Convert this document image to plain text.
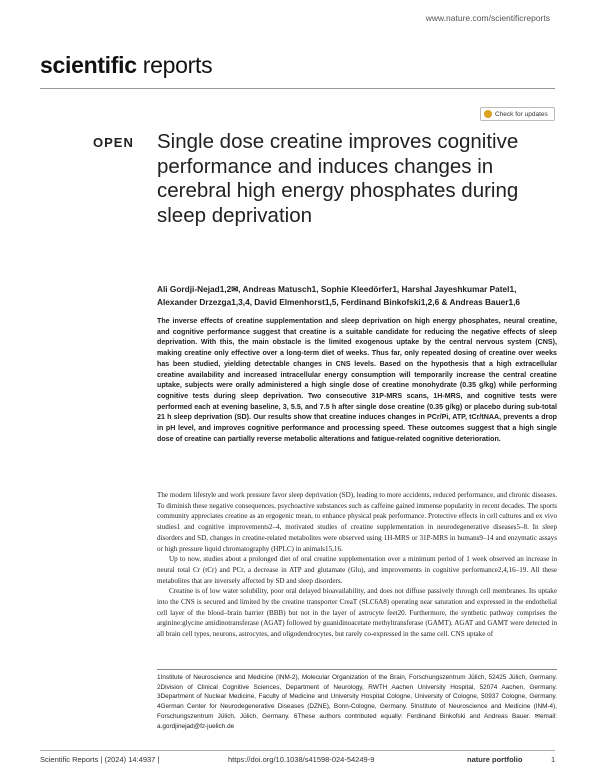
www.nature.com/scientificreports
scientific reports
Check for updates
OPEN Single dose creatine improves cognitive performance and induces changes in cerebral high energy phosphates during sleep deprivation

Ali Gordji-Nejad1,2✉, Andreas Matusch1, Sophie Kleedörfer1, Harshal Jayeshkumar Patel1, Alexander Drzezga1,3,4, David Elmenhorst1,5, Ferdinand Binkofski1,2,6 & Andreas Bauer1,6

The inverse effects of creatine supplementation and sleep deprivation on high energy phosphates, neural creatine, and cognitive performance suggest that creatine is a suitable candidate for reducing the negative effects of sleep deprivation. With this, the main obstacle is the limited exogenous uptake by the central nervous system (CNS), making creatine only effective over a long-term diet of weeks. Thus far, only repeated dosing of creatine over weeks has been studied, yielding detectable changes in CNS levels. Based on the hypothesis that a high extracellular creatine availability and increased intracellular energy consumption will temporarily increase the central creatine uptake, subjects were orally administered a high single dose of creatine monohydrate (0.35 g/kg) while performing cognitive tests during sleep deprivation. Two consecutive 31P-MRS scans, 1H-MRS, and cognitive tests were performed each at evening baseline, 3, 5.5, and 7.5 h after single dose creatine (0.35 g/kg) or placebo during sub-total 21 h sleep deprivation (SD). Our results show that creatine induces changes in PCr/Pi, ATP, tCr/tNAA, prevents a drop in pH level, and improves cognitive performance and processing speed. These outcomes suggest that a high single dose of creatine can partially reverse metabolic alterations and fatigue-related cognitive deterioration.

The modern lifestyle and work pressure favor sleep deprivation (SD), leading to more accidents, reduced performance, and chronic diseases. To diminish these negative consequences, psychoactive substances such as caffeine gained immense popularity in recent decades. The sports community appreciates creatine as an ergogenic mean, to enhance physical peak performance. Protective effects in cell cultures and ex vivo studies1 and cognitive improvements2–4, motivated studies of creatine supplementation in neurodegenerative diseases5–8. In sleep disorders and SD, changes in creatine-related metabolites were observed using 1H-MRS or 31P-MRS in humans9–14 and enzymatic assays or high pressure liquid chromatography (HPLC) in animals15,16.

Up to now, studies about a prolonged diet of oral creatine supplementation over a minimum period of 1 week observed an increase in neural total Cr (tCr) and PCr, a decrease in ATP and glutamate (Glu), and improvements in cognitive performance2,4,16–19. All these metabolites that are inversely affected by SD and sleep disorders.

Creatine is of low water solubility, poor oral delayed bioavailability, and does not diffuse passively through cell membranes. Its uptake into the CNS is secured and limited by the creatine transporter CreaT (SLC6A8) operating near saturation and expressed in the endothelial cell layer of the blood–brain barrier (BBB) but not in the layer of astrocyte feet20. Furthermore, the synthetic pathway comprises the arginine:glycine amidinotransferase (AGAT) followed by guanidinoacetate methyltransferase (GAMT). AGAT and GAMT were detected in all brain cell types, neurons, astrocytes, and oligodendrocytes, but rarely co-expressed in the same cell. CNS uptake of

1Institute of Neuroscience and Medicine (INM-2), Molecular Organization of the Brain, Forschungszentrum Jülich, 52425 Jülich, Germany. 2Division of Clinical Cognitive Sciences, Department of Neurology, RWTH Aachen University Hospital, 52074 Aachen, Germany. 3Department of Nuclear Medicine, Faculty of Medicine and University Hospital Cologne, University of Cologne, 50937 Cologne, Germany. 4German Center for Neurodegenerative Diseases (DZNE), Bonn-Cologne, Germany. 5Institute of Neuroscience and Medicine (INM-4), Forschungszentrum Jülich, Jülich, Germany. 6These authors contributed equally: Ferdinand Binkofski and Andreas Bauer. ✉email: a.gordjinejad@fz-juelich.de

Scientific Reports | (2024) 14:4937 |	https://doi.org/10.1038/s41598-024-54249-9	nature portfolio	1
